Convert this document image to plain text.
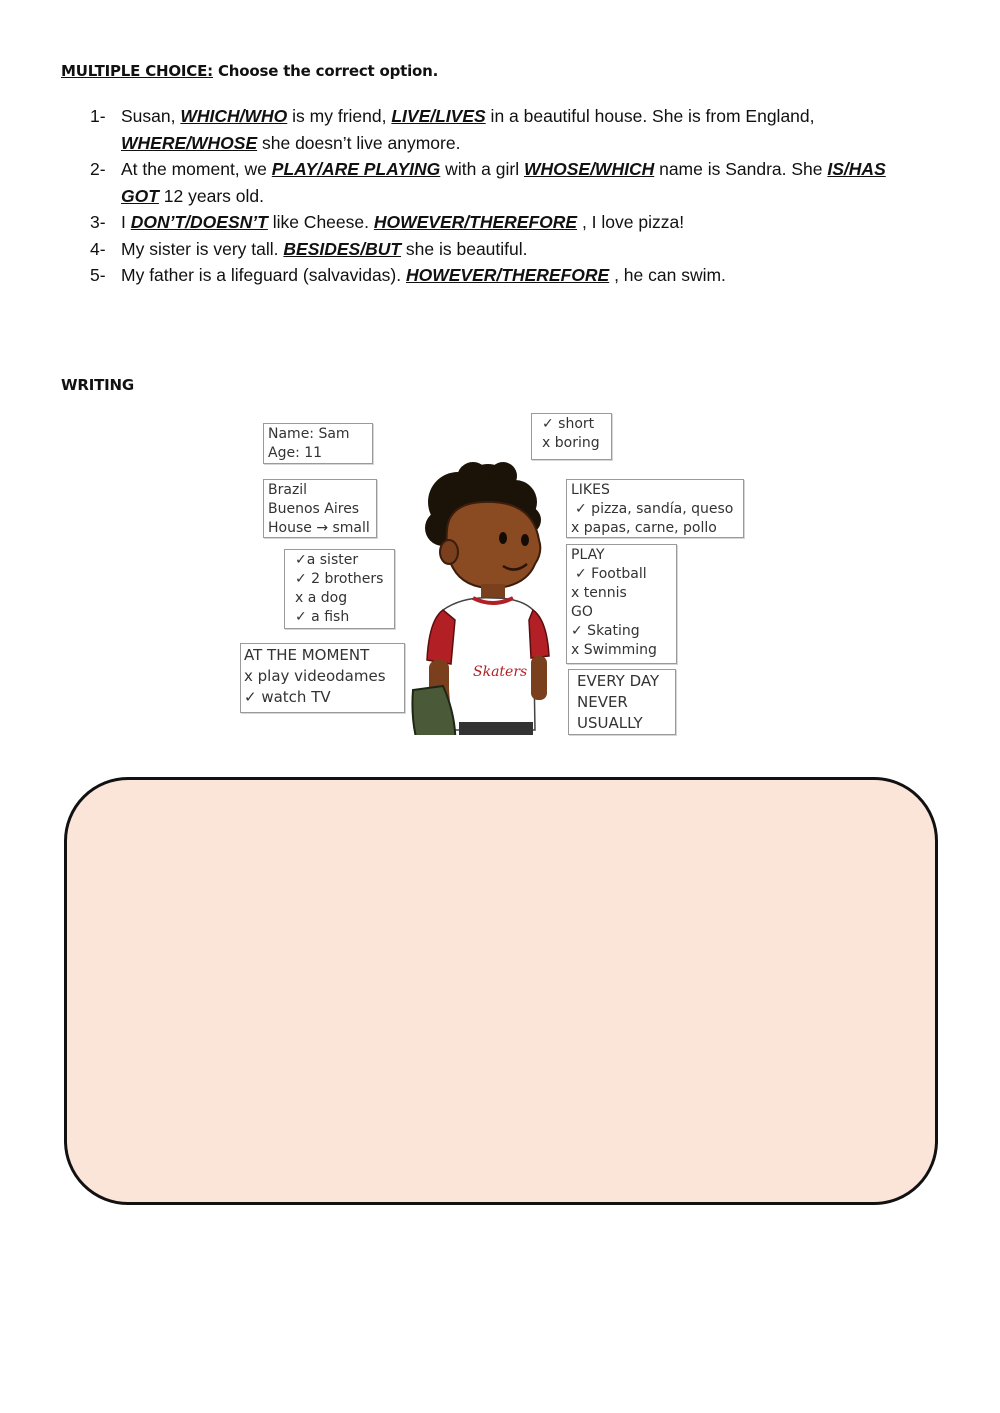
MULTIPLE CHOICE: Choose the correct option.
1- Susan, WHICH/WHO is my friend, LIVE/LIVES in a beautiful house. She is from England, WHERE/WHOSE she doesn’t live anymore.
2- At the moment, we PLAY/ARE PLAYING with a girl WHOSE/WHICH name is Sandra. She IS/HAS GOT 12 years old.
3- I DON’T/DOESN’T like Cheese. HOWEVER/THEREFORE , I love pizza!
4- My sister is very tall. BESIDES/BUT she is beautiful.
5- My father is a lifeguard (salvavidas). HOWEVER/THEREFORE , he can swim.
WRITING
Name: Sam
Age: 11
Brazil
Buenos Aires
House → small
✓a sister
✓ 2 brothers
x a dog
✓ a fish
AT THE MOMENT
x play videodames
✓ watch TV
✓ short
x boring
LIKES
✓ pizza, sandía, queso
x papas, carne, pollo
PLAY
✓ Football
x tennis
GO
✓ Skating
x Swimming
EVERY DAY
NEVER
USUALLY
Skaters
